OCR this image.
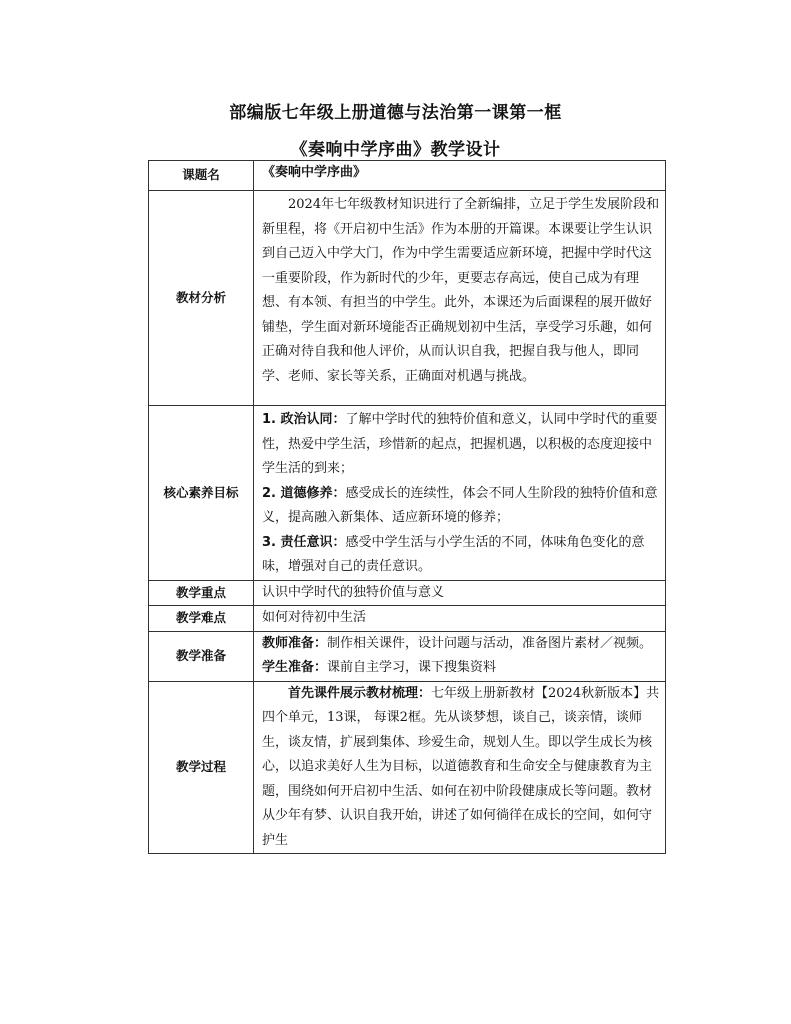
部编版七年级上册道德与法治第一课第一框
《奏响中学序曲》教学设计
课题名	《奏响中学序曲》
教材分析	2024年七年级教材知识进行了全新编排，立足于学生发展阶段和新里程，将《开启初中生活》作为本册的开篇课。本课要让学生认识到自己迈入中学大门，作为中学生需要适应新环境，把握中学时代这一重要阶段，作为新时代的少年，更要志存高远，使自己成为有理想、有本领、有担当的中学生。此外，本课还为后面课程的展开做好铺垫，学生面对新环境能否正确规划初中生活，享受学习乐趣，如何正确对待自我和他人评价，从而认识自我，把握自我与他人，即同学、老师、家长等关系，正确面对机遇与挑战。

核心素养目标	1. 政治认同：了解中学时代的独特价值和意义，认同中学时代的重要性，热爱中学生活，珍惜新的起点，把握机遇，以积极的态度迎接中学生活的到来；

2. 道德修养：感受成长的连续性，体会不同人生阶段的独特价值和意义，提高融入新集体、适应新环境的修养；

3. 责任意识：感受中学生活与小学生活的不同，体味角色变化的意味，增强对自己的责任意识。

教学重点	认识中学时代的独特价值与意义
教学难点	如何对待初中生活
教学准备	教师准备：制作相关课件，设计问题与活动，准备图片素材／视频。

学生准备：课前自主学习，课下搜集资料

教学过程	首先课件展示教材梳理：七年级上册新教材【2024秋新版本】共四个单元，13课， 每课2框。先从谈梦想，谈自己，谈亲情，谈师生，谈友情，扩展到集体、珍爱生命，规划人生。即以学生成长为核心，以追求美好人生为目标，以道德教育和生命安全与健康教育为主题，围绕如何开启初中生活、如何在初中阶段健康成长等问题。教材从少年有梦、认识自我开始，讲述了如何徜徉在成长的空间，如何守护生
